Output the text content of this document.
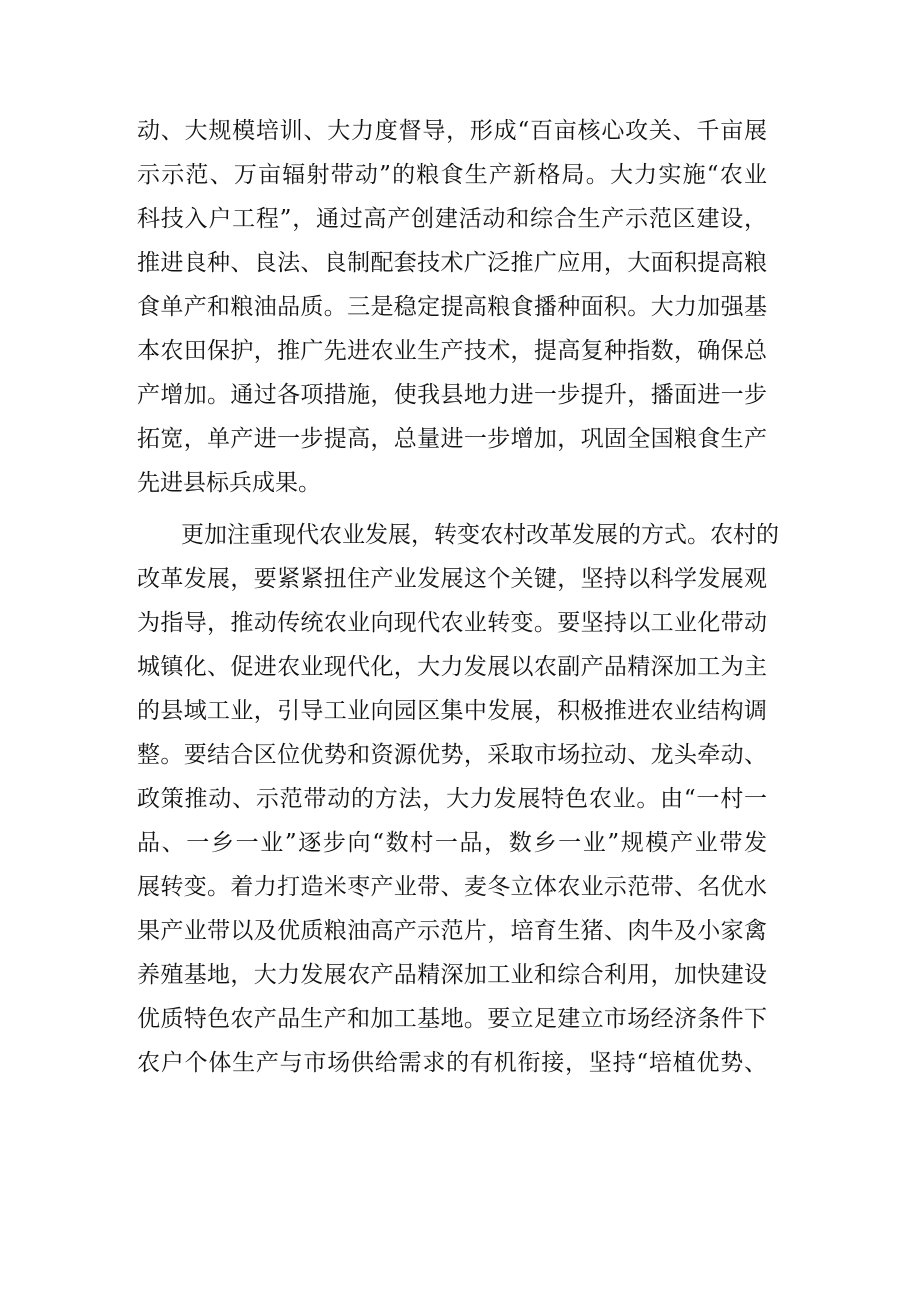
动、大规模培训、大力度督导，形成“百亩核心攻关、千亩展
示示范、万亩辐射带动”的粮食生产新格局。大力实施“农业
科技入户工程”，通过高产创建活动和综合生产示范区建设，
推进良种、良法、良制配套技术广泛推广应用，大面积提高粮
食单产和粮油品质。三是稳定提高粮食播种面积。大力加强基
本农田保护，推广先进农业生产技术，提高复种指数，确保总
产增加。通过各项措施，使我县地力进一步提升，播面进一步
拓宽，单产进一步提高，总量进一步增加，巩固全国粮食生产
先进县标兵成果。
更加注重现代农业发展，转变农村改革发展的方式。农村的
改革发展，要紧紧扭住产业发展这个关键，坚持以科学发展观
为指导，推动传统农业向现代农业转变。要坚持以工业化带动
城镇化、促进农业现代化，大力发展以农副产品精深加工为主
的县域工业，引导工业向园区集中发展，积极推进农业结构调
整。要结合区位优势和资源优势，采取市场拉动、龙头牵动、
政策推动、示范带动的方法，大力发展特色农业。由“一村一
品、一乡一业”逐步向“数村一品，数乡一业”规模产业带发
展转变。着力打造米枣产业带、麦冬立体农业示范带、名优水
果产业带以及优质粮油高产示范片，培育生猪、肉牛及小家禽
养殖基地，大力发展农产品精深加工业和综合利用，加快建设
优质特色农产品生产和加工基地。要立足建立市场经济条件下
农户个体生产与市场供给需求的有机衔接，坚持“培植优势、
